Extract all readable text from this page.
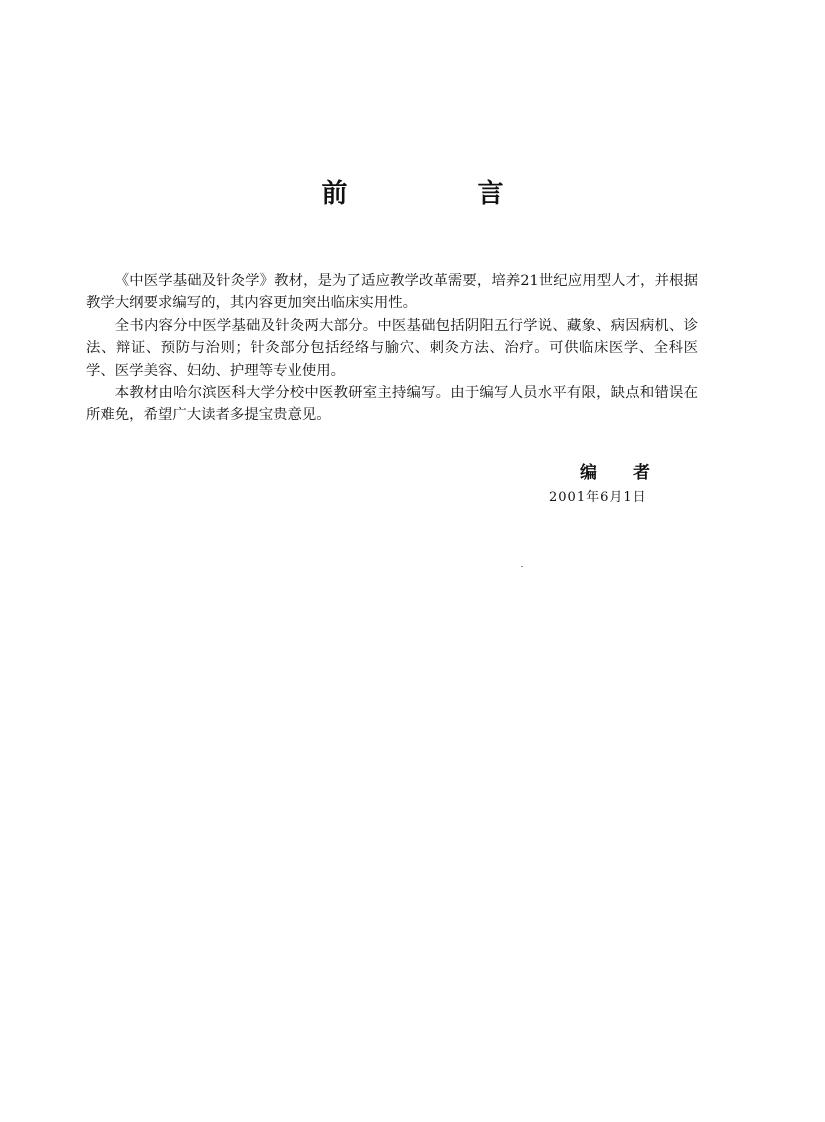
前　言

《中医学基础及针灸学》教材，是为了适应教学改革需要，培养21世纪应用型人才，并根据教学大纲要求编写的，其内容更加突出临床实用性。

全书内容分中医学基础及针灸两大部分。中医基础包括阴阳五行学说、藏象、病因病机、诊法、辩证、预防与治则；针灸部分包括经络与腧穴、刺灸方法、治疗。可供临床医学、全科医学、医学美容、妇幼、护理等专业使用。

本教材由哈尔滨医科大学分校中医教研室主持编写。由于编写人员水平有限，缺点和错误在所难免，希望广大读者多提宝贵意见。

编者
2001年6月1日
